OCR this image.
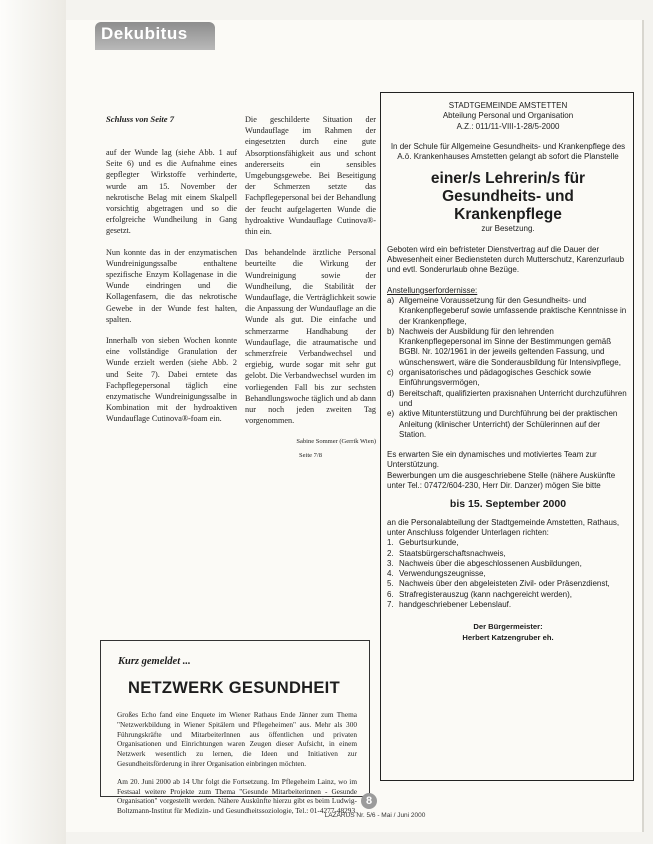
Dekubitus
Schluss von Seite 7

auf der Wunde lag (siehe Abb. 1 auf Seite 6) und es die Aufnahme eines gepflegter Wirkstoffe verhinderte, wurde am 15. November der nekrotische Belag mit einem Skalpell vorsichtig abgetragen und so die erfolgreiche Wundheilung in Gang gesetzt.

Nun konnte das in der enzymatischen Wundreinigungssalbe enthaltene spezifische Enzym Kollagenase in die Wunde eindringen und die Kollagenfasern, die das nekrotische Gewebe in der Wunde fest halten, spalten.

Innerhalb von sieben Wochen konnte eine vollständige Granulation der Wunde erzielt werden (siehe Abb. 2 und Seite 7). Dabei erntete das Fachpflegepersonal täglich eine enzymatische Wundreinigungssalbe in Kombination mit der hydroaktiven Wundauflage Cutinova®-foam ein.

Die geschilderte Situation der Wundauflage im Rahmen der eingesetzten durch eine gute Absorptionsfähigkeit aus und schont andererseits ein sensibles Umgebungsgewebe. Bei Beseitigung der Schmerzen setzte das Fachpflegepersonal bei der Behandlung der feucht aufgelagerten Wunde die hydroaktive Wundauflage Cutinova®-thin ein.

Das behandelnde ärztliche Personal beurteilte die Wirkung der Wundreinigung sowie der Wundheilung, die Stabilität der Wundauflage, die Verträglichkeit sowie die Anpassung der Wundauflage an die Wunde als gut. Die einfache und schmerzarme Handhabung der Wundauflage, die atraumatische und schmerzfreie Verbandwechsel und ergiebig, wurde sogar mit sehr gut gelobt. Die Verbandwechsel wurden im vorliegenden Fall bis zur sechsten Behandlungswoche täglich und ab dann nur noch jeden zweiten Tag vorgenommen.

Sabine Sommer (Gerrik Wien)
Seite 7/8
STADTGEMEINDE AMSTETTEN
Abteilung Personal und Organisation
A.Z.: 011/11-VIII-1-28/5-2000
In der Schule für Allgemeine Gesundheits- und Krankenpflege des A.ö. Krankenhauses Amstetten gelangt ab sofort die Planstelle
einer/s Lehrerin/s für Gesundheits- und Krankenpflege
zur Besetzung.
Geboten wird ein befristeter Dienstvertrag auf die Dauer der Abwesenheit einer Bediensteten durch Mutterschutz, Karenzurlaub und evtl. Sonderurlaub ohne Bezüge.
Anstellungserfordernisse:
a) Allgemeine Voraussetzung für den Gesundheits- und Krankenpflegeberuf sowie umfassende praktische Kenntnisse in der Krankenpflege,
b) Nachweis der Ausbildung für den lehrenden Krankenpflegepersonal im Sinne der Bestimmungen gemäß BGBl. Nr. 102/1961 in der jeweils geltenden Fassung, und wünschenswert, wäre die Sonderausbildung für Intensivpflege,
c) organisatorisches und pädagogisches Geschick sowie Einführungsvermögen,
d) Bereitschaft, qualifizierten praxisnahen Unterricht durchzuführen und
e) aktive Mitunterstützung und Durchführung bei der praktischen Anleitung (klinischer Unterricht) der Schülerinnen auf der Station.
Es erwarten Sie ein dynamisches und motiviertes Team zur Unterstützung.
Bewerbungen um die ausgeschriebene Stelle (nähere Auskünfte unter Tel.: 07472/604-230, Herr Dir. Danzer) mögen Sie bitte
bis 15. September 2000
an die Personalabteilung der Stadtgemeinde Amstetten, Rathaus, unter Anschluss folgender Unterlagen richten:
1. Geburtsurkunde,
2. Staatsbürgerschaftsnachweis,
3. Nachweis über die abgeschlossenen Ausbildungen,
4. Verwendungszeugnisse,
5. Nachweis über den abgeleisteten Zivil- oder Präsenzdienst,
6. Strafregisterauszug (kann nachgereicht werden),
7. handgeschriebener Lebenslauf.
Der Bürgermeister:
Herbert Katzengruber eh.
Kurz gemeldet ...
NETZWERK GESUNDHEIT

Großes Echo fand eine Enquete im Wiener Rathaus Ende Jänner zum Thema "Netzwerkbildung in Wiener Spitälern und Pflegeheimen" aus. Mehr als 300 Führungskräfte und MitarbeiterInnen aus öffentlichen und privaten Organisationen und Einrichtungen waren Zeugen dieser Aufsicht, in einem Netzwerk wesentlich zu lernen, die Ideen und Initiativen zur Gesundheitsförderung in ihrer Organisation einbringen möchten.

Am 20. Juni 2000 ab 14 Uhr folgt die Fortsetzung. Im Pflegeheim Lainz, wo im Festsaal weitere Projekte zum Thema "Gesunde Mitarbeiterinnen - Gesunde Organisation" vorgestellt werden. Nähere Auskünfte hierzu gibt es beim Ludwig-Boltzmann-Institut für Medizin- und Gesundheitssoziologie, Tel.: 01-4277-48293.

8
LAZARUS Nr. 5/6 - Mai / Juni 2000
